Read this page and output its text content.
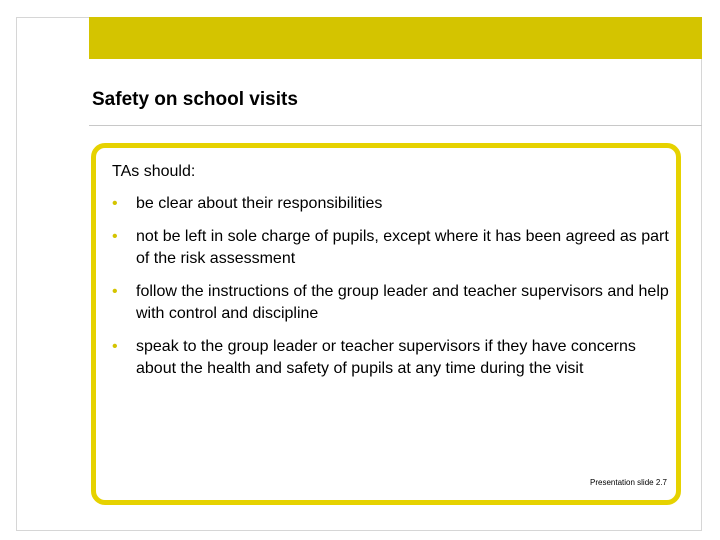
Safety on school visits

TAs should:

• be clear about their responsibilities
• not be left in sole charge of pupils, except where it has been agreed as part of the risk assessment
• follow the instructions of the group leader and teacher supervisors and help with control and discipline
• speak to the group leader or teacher supervisors if they have concerns about the health and safety of pupils at any time during the visit

Presentation slide 2.7
